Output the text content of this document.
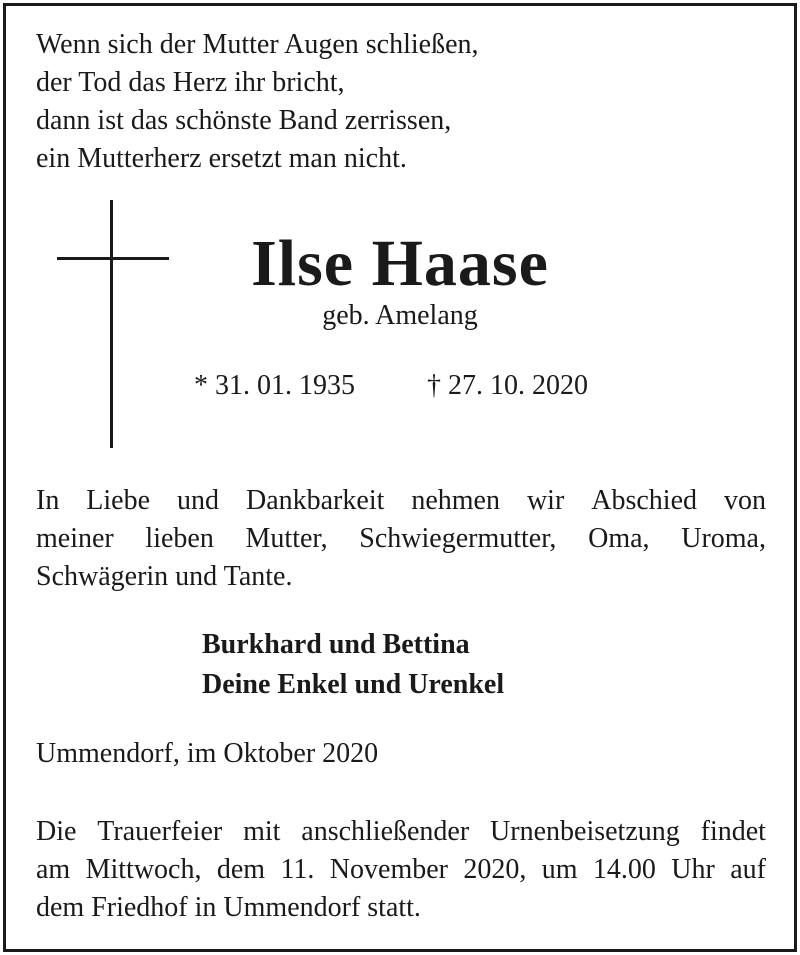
Wenn sich der Mutter Augen schließen,
der Tod das Herz ihr bricht,
dann ist das schönste Band zerrissen,
ein Mutterherz ersetzt man nicht.
Ilse Haase
geb. Amelang
* 31. 01. 1935	† 27. 10. 2020
In Liebe und Dankbarkeit nehmen wir Abschied von
meiner lieben Mutter, Schwiegermutter, Oma, Uroma,
Schwägerin und Tante.
Burkhard und Bettina
Deine Enkel und Urenkel
Ummendorf, im Oktober 2020
Die Trauerfeier mit anschließender Urnenbeisetzung findet
am Mittwoch, dem 11. November 2020, um 14.00 Uhr auf
dem Friedhof in Ummendorf statt.
